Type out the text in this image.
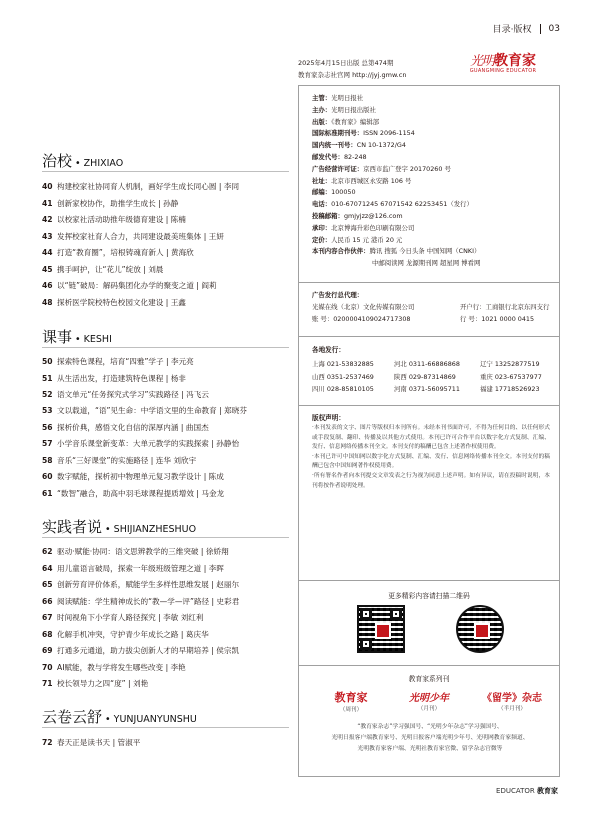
目录·版权 03
2025年4月15日出版 总第474期
教育家杂志社官网 http://jyj.gmw.cn
光明教育家
GUANGMING EDUCATOR
治校 • ZHIXIAO
40 构建校家社协同育人机制，画好学生成长同心圆 | 李同
41 创新家校协作，助推学生成长 | 孙静
42 以校家社活动助推年级德育建设 | 陈楠
43 发挥校家社育人合力，共同建设最美班集体 | 王妍
44 打造“教育圈”，培根铸魂育新人 | 黄海欣
45 携手呵护，让“花儿”绽放 | 刘晨
46 以“链”破局：解码集团化办学的聚变之道 | 阎莉
48 探析医学院校特色校园文化建设 | 王鑫
课事 • KESHI
50 探索特色课程，培育“四雅”学子 | 李元亮
51 从生活出发，打造建筑特色课程 | 杨非
52 语文单元“任务探究式学习”实践路径 | 冯飞云
53 文以载道，“语”见生命：中学语文里的生命教育 | 郑晓芬
56 探析价典，感悟文化自信的深厚内涵 | 曲国杰
57 小学音乐课堂新变革：大单元教学的实践探索 | 孙静怡
58 音乐“三好课堂”的实施路径 | 连华 刘欣宇
60 数字赋能，探析初中物理单元复习教学设计 | 陈成
61 “数智”融合，助高中羽毛球课程提质增效 | 马金龙
实践者说 • SHIJIANZHESHUO
62 驱动·赋能·协同：语文思辨教学的三维突破 | 徐娇翔
64 用儿童语言破局，探索一年级班级管理之道 | 李晖
65 创新劳育评价体系，赋能学生多样性思维发展 | 赵丽尔
66 阅读赋能：学生精神成长的“教—学—评”路径 | 史彩君
67 时间视角下小学育人路径探究 | 李敏 刘红利
68 化解手机冲突，守护青少年成长之路 | 葛庆华
69 打通多元通道，助力拔尖创新人才的早期培养 | 侯宗凯
70 AI赋能，教与学将发生哪些改变 | 李艳
71 校长领导力之四“度” | 刘艳
云卷云舒 • YUNJUANYUNSHU
72 春天正是读书天 | 管淑平
主管：光明日报社
主办：光明日报出版社
出版：《教育家》编辑部
国际标准期刊号：ISSN 2096-1154
国内统一刊号：CN 10-1372/G4
邮发代号：82-248
广告经营许可证：京西市监广登字 20170260 号
社址：北京市西城区永安路 106 号
邮编：100050
电话：010-67071245 67071542 62253451（发行）
投稿邮箱：gmjyjzz@126.com
承印：北京博海升彩色印刷有限公司
定价：人民币 15 元 港币 20 元
本刊内容合作伙伴：腾讯 搜狐 今日头条 中国知网（CNKI）
中邮阅读网 龙源期刊网 超星网 博看网
广告发行总代理：
光媒在线（北京）文化传媒有限公司	开户行：工商银行北京东四支行
账 号：0200004109024717308	行 号：1021 0000 0415
各地发行：
上海 021-53832885	河北 0311-66886868	辽宁 13252877519
山西 0351-2537469	陕西 029-87314869	重庆 023-67537977
四川 028-85810105	河南 0371-56095711	福建 17718526923
版权声明：

·本刊发表的文字、图片等版权归本刊所有。未经本刊书面许可，不得为任何目的、以任何形式或手段复制、翻印、传播及以其他方式使用。本刊已许可合作平台以数字化方式复制、汇编、发行、信息网络传播本刊全文。本刊支付的稿酬已包含上述著作权使用费。

·本刊已许可中国知网以数字化方式复制、汇编、发行、信息网络传播本刊全文。本刊支付的稿酬已包含中国知网著作权使用费。

·所有署名作者向本刊提交文章发表之行为视为同意上述声明。如有异议，请在投稿时说明，本刊将按作者说明处理。

更多精彩内容请扫描二维码
教育家系列刊
教育家
（周刊）
光明少年
（月刊）
《留学》杂志
（半月刊）
“教育家杂志”学习强国号、“光明少年杂志”学习强国号、
光明日报客户端教育家号、光明日报客户端光明少年号、光明网教育家频道、
光明教育家客户端、光明社教育家官微、留学杂志官微等
EDUCATOR 教育家
